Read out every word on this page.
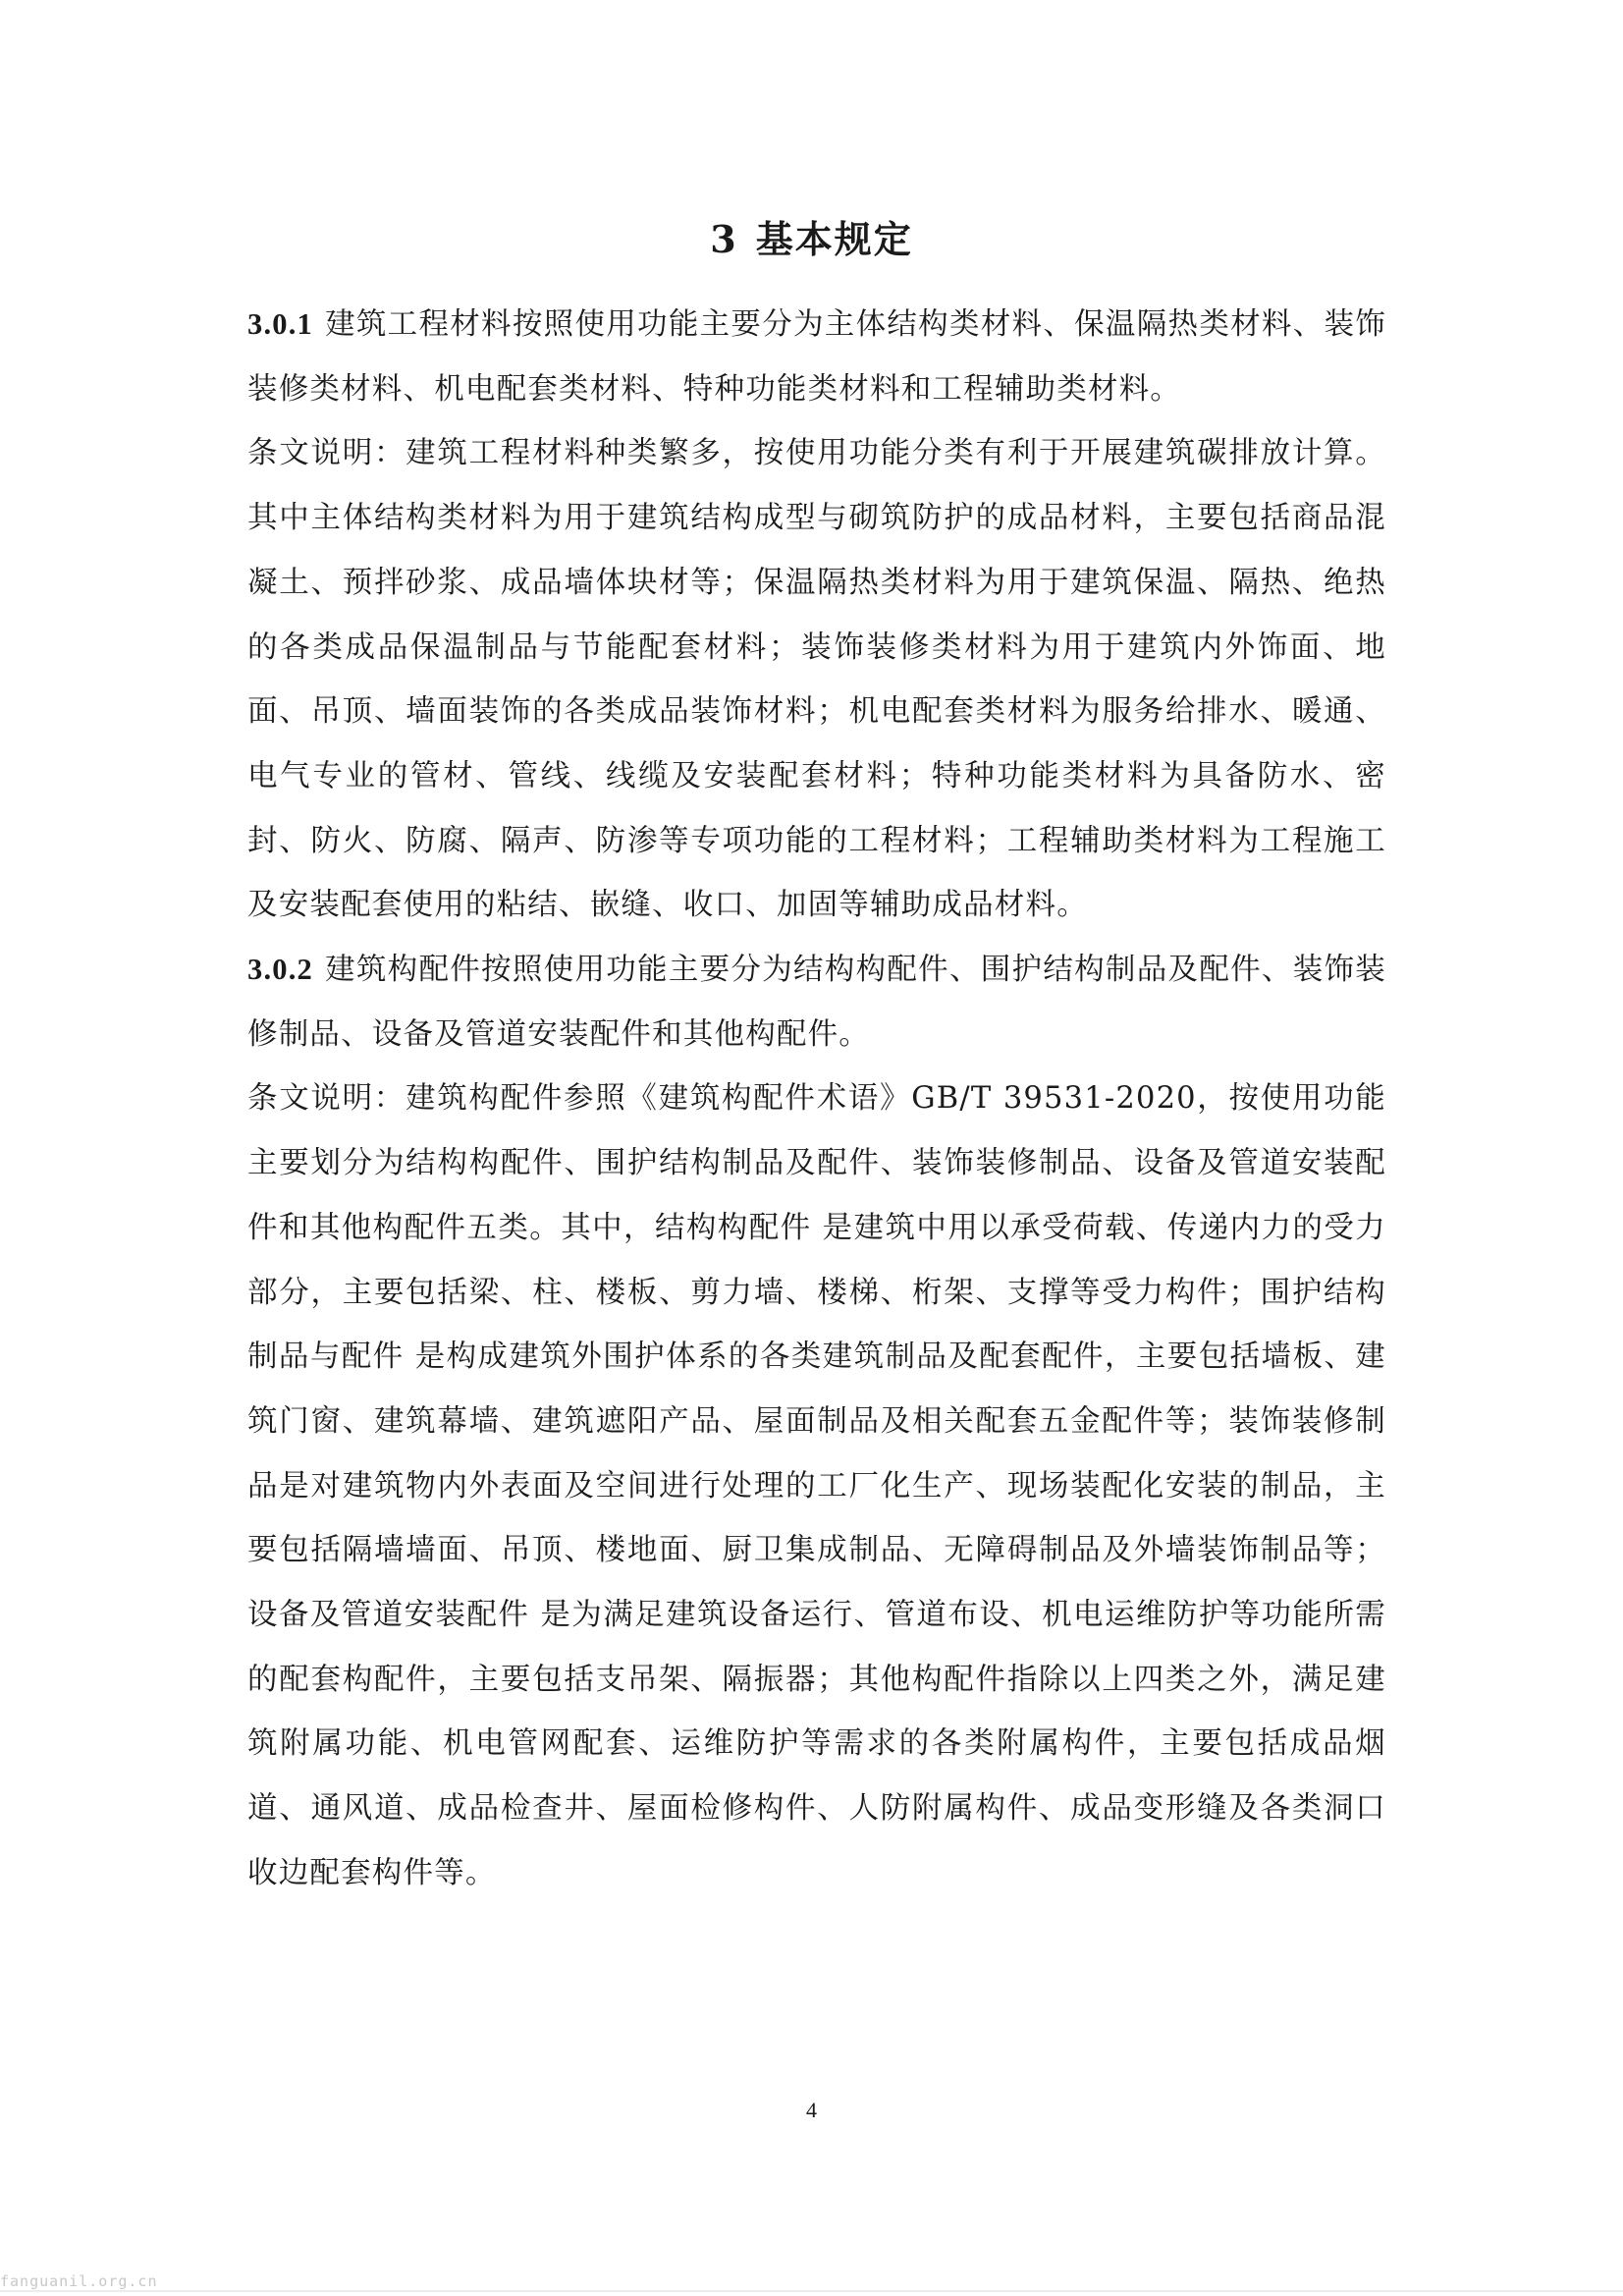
3 基本规定

3.0.1 建筑工程材料按照使用功能主要分为主体结构类材料、保温隔热类材料、装饰装修类材料、机电配套类材料、特种功能类材料和工程辅助类材料。

条文说明：建筑工程材料种类繁多，按使用功能分类有利于开展建筑碳排放计算。其中主体结构类材料为用于建筑结构成型与砌筑防护的成品材料，主要包括商品混凝土、预拌砂浆、成品墙体块材等；保温隔热类材料为用于建筑保温、隔热、绝热的各类成品保温制品与节能配套材料；装饰装修类材料为用于建筑内外饰面、地面、吊顶、墙面装饰的各类成品装饰材料；机电配套类材料为服务给排水、暖通、电气专业的管材、管线、线缆及安装配套材料；特种功能类材料为具备防水、密封、防火、防腐、隔声、防渗等专项功能的工程材料；工程辅助类材料为工程施工及安装配套使用的粘结、嵌缝、收口、加固等辅助成品材料。

3.0.2 建筑构配件按照使用功能主要分为结构构配件、围护结构制品及配件、装饰装修制品、设备及管道安装配件和其他构配件。

条文说明：建筑构配件参照《建筑构配件术语》GB/T 39531-2020，按使用功能主要划分为结构构配件、围护结构制品及配件、装饰装修制品、设备及管道安装配件和其他构配件五类。其中，结构构配件 是建筑中用以承受荷载、传递内力的受力部分，主要包括梁、柱、楼板、剪力墙、楼梯、桁架、支撑等受力构件；围护结构制品与配件 是构成建筑外围护体系的各类建筑制品及配套配件，主要包括墙板、建筑门窗、建筑幕墙、建筑遮阳产品、屋面制品及相关配套五金配件等；装饰装修制品是对建筑物内外表面及空间进行处理的工厂化生产、现场装配化安装的制品，主要包括隔墙墙面、吊顶、楼地面、厨卫集成制品、无障碍制品及外墙装饰制品等；设备及管道安装配件 是为满足建筑设备运行、管道布设、机电运维防护等功能所需的配套构配件，主要包括支吊架、隔振器；其他构配件指除以上四类之外，满足建筑附属功能、机电管网配套、运维防护等需求的各类附属构件，主要包括成品烟道、通风道、成品检查井、屋面检修构件、人防附属构件、成品变形缝及各类洞口收边配套构件等。

4
fanguanil.org.cn
